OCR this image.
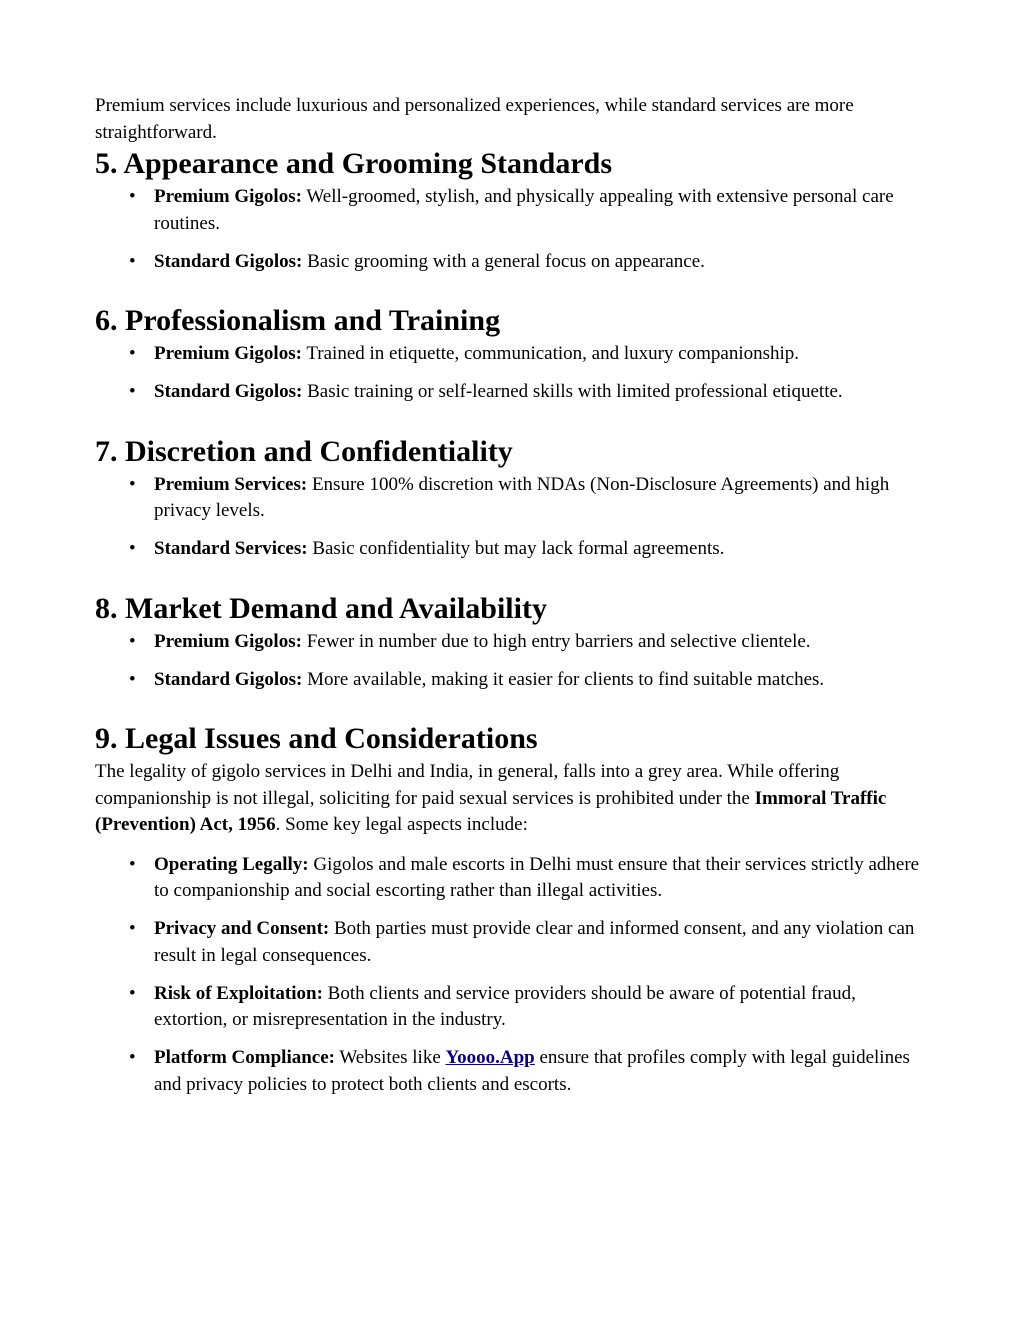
Premium services include luxurious and personalized experiences, while standard services are more straightforward.

5. Appearance and Grooming Standards
• Premium Gigolos: Well-groomed, stylish, and physically appealing with extensive personal care routines.
• Standard Gigolos: Basic grooming with a general focus on appearance.
6. Professionalism and Training
• Premium Gigolos: Trained in etiquette, communication, and luxury companionship.
• Standard Gigolos: Basic training or self-learned skills with limited professional etiquette.
7. Discretion and Confidentiality
• Premium Services: Ensure 100% discretion with NDAs (Non-Disclosure Agreements) and high privacy levels.
• Standard Services: Basic confidentiality but may lack formal agreements.
8. Market Demand and Availability
• Premium Gigolos: Fewer in number due to high entry barriers and selective clientele.
• Standard Gigolos: More available, making it easier for clients to find suitable matches.
9. Legal Issues and Considerations

The legality of gigolo services in Delhi and India, in general, falls into a grey area. While offering companionship is not illegal, soliciting for paid sexual services is prohibited under the Immoral Traffic (Prevention) Act, 1956. Some key legal aspects include:

• Operating Legally: Gigolos and male escorts in Delhi must ensure that their services strictly adhere to companionship and social escorting rather than illegal activities.
• Privacy and Consent: Both parties must provide clear and informed consent, and any violation can result in legal consequences.
• Risk of Exploitation: Both clients and service providers should be aware of potential fraud, extortion, or misrepresentation in the industry.
• Platform Compliance: Websites like Yoooo.App ensure that profiles comply with legal guidelines and privacy policies to protect both clients and escorts.
